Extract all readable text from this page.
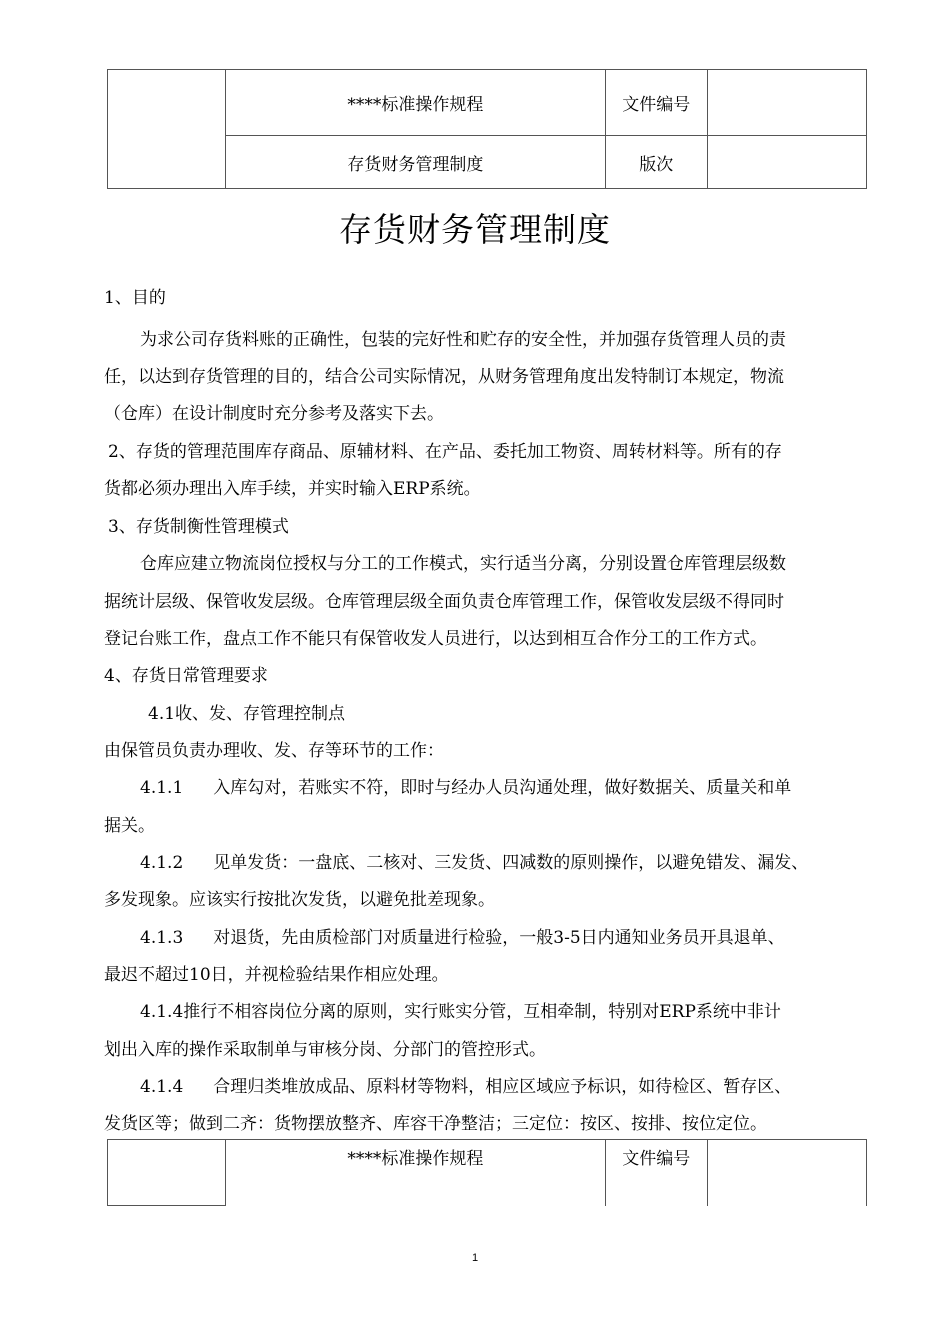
	****标准操作规程	文件编号	
	存货财务管理制度	版次	
存货财务管理制度
1、目的
为求公司存货料账的正确性，包装的完好性和贮存的安全性，并加强存货管理人员的责
任，以达到存货管理的目的，结合公司实际情况，从财务管理角度出发特制订本规定，物流
（仓库）在设计制度时充分参考及落实下去。
2、存货的管理范围库存商品、原辅材料、在产品、委托加工物资、周转材料等。所有的存
货都必须办理出入库手续，并实时输入ERP系统。
3、存货制衡性管理模式
仓库应建立物流岗位授权与分工的工作模式，实行适当分离，分别设置仓库管理层级数
据统计层级、保管收发层级。仓库管理层级全面负责仓库管理工作，保管收发层级不得同时
登记台账工作，盘点工作不能只有保管收发人员进行，以达到相互合作分工的工作方式。
4、存货日常管理要求
4.1收、发、存管理控制点
由保管员负责办理收、发、存等环节的工作：
4.1.1 入库勾对，若账实不符，即时与经办人员沟通处理，做好数据关、质量关和单
据关。
4.1.2 见单发货：一盘底、二核对、三发货、四减数的原则操作，以避免错发、漏发、
多发现象。应该实行按批次发货，以避免批差现象。
4.1.3 对退货，先由质检部门对质量进行检验，一般3-5日内通知业务员开具退单、
最迟不超过10日，并视检验结果作相应处理。
4.1.4推行不相容岗位分离的原则，实行账实分管，互相牵制，特别对ERP系统中非计
划出入库的操作采取制单与审核分岗、分部门的管控形式。
4.1.4 合理归类堆放成品、原料材等物料，相应区域应予标识，如待检区、暂存区、
发货区等；做到二齐：货物摆放整齐、库容干净整洁；三定位：按区、按排、按位定位。
	****标准操作规程	文件编号	
1
